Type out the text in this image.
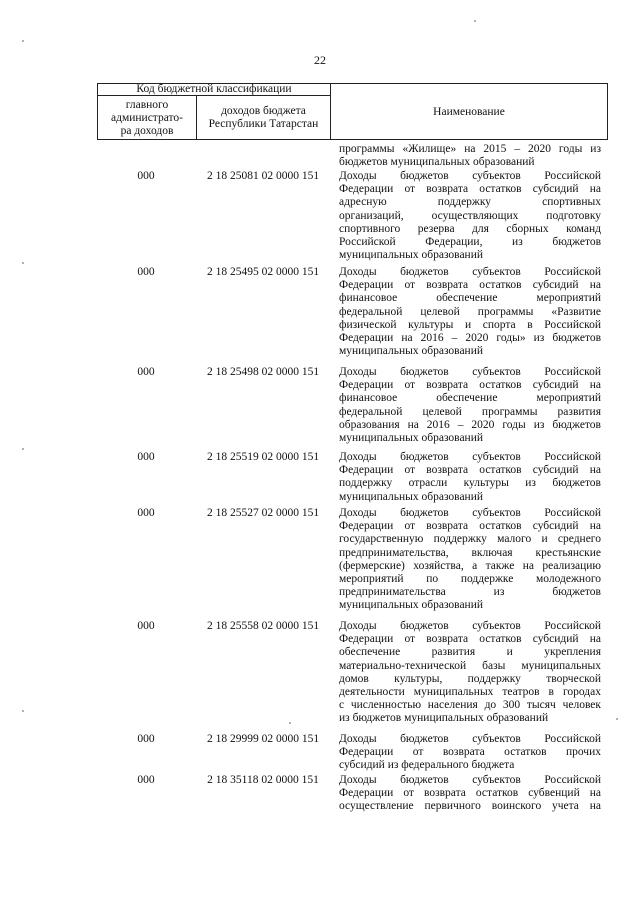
22
Код бюджетной классификации
главного
администрато-
ра доходов
доходов бюджета
Республики Татарстан
Наименование
программы «Жилище» на 2015 – 2020 годы из
бюджетов муниципальных образований
000	2 18 25081 02 0000 151	Доходы бюджетов субъектов Российской
Федерации от возврата остатков субсидий на
адресную поддержку спортивных
организаций, осуществляющих подготовку
спортивного резерва для сборных команд
Российской Федерации, из бюджетов
муниципальных образований
000	2 18 25495 02 0000 151	Доходы бюджетов субъектов Российской
Федерации от возврата остатков субсидий на
финансовое обеспечение мероприятий
федеральной целевой программы «Развитие
физической культуры и спорта в Российской
Федерации на 2016 – 2020 годы» из бюджетов
муниципальных образований
000	2 18 25498 02 0000 151	Доходы бюджетов субъектов Российской
Федерации от возврата остатков субсидий на
финансовое обеспечение мероприятий
федеральной целевой программы развития
образования на 2016 – 2020 годы из бюджетов
муниципальных образований
000	2 18 25519 02 0000 151	Доходы бюджетов субъектов Российской
Федерации от возврата остатков субсидий на
поддержку отрасли культуры из бюджетов
муниципальных образований
000	2 18 25527 02 0000 151	Доходы бюджетов субъектов Российской
Федерации от возврата остатков субсидий на
государственную поддержку малого и среднего
предпринимательства, включая крестьянские
(фермерские) хозяйства, а также на реализацию
мероприятий по поддержке молодежного
предпринимательства из бюджетов
муниципальных образований
000	2 18 25558 02 0000 151	Доходы бюджетов субъектов Российской
Федерации от возврата остатков субсидий на
обеспечение развития и укрепления
материально-технической базы муниципальных
домов культуры, поддержку творческой
деятельности муниципальных театров в городах
с численностью населения до 300 тысяч человек
из бюджетов муниципальных образований
000	2 18 29999 02 0000 151	Доходы бюджетов субъектов Российской
Федерации от возврата остатков прочих
субсидий из федерального бюджета
000	2 18 35118 02 0000 151	Доходы бюджетов субъектов Российской
Федерации от возврата остатков субвенций на
осуществление первичного воинского учета на
